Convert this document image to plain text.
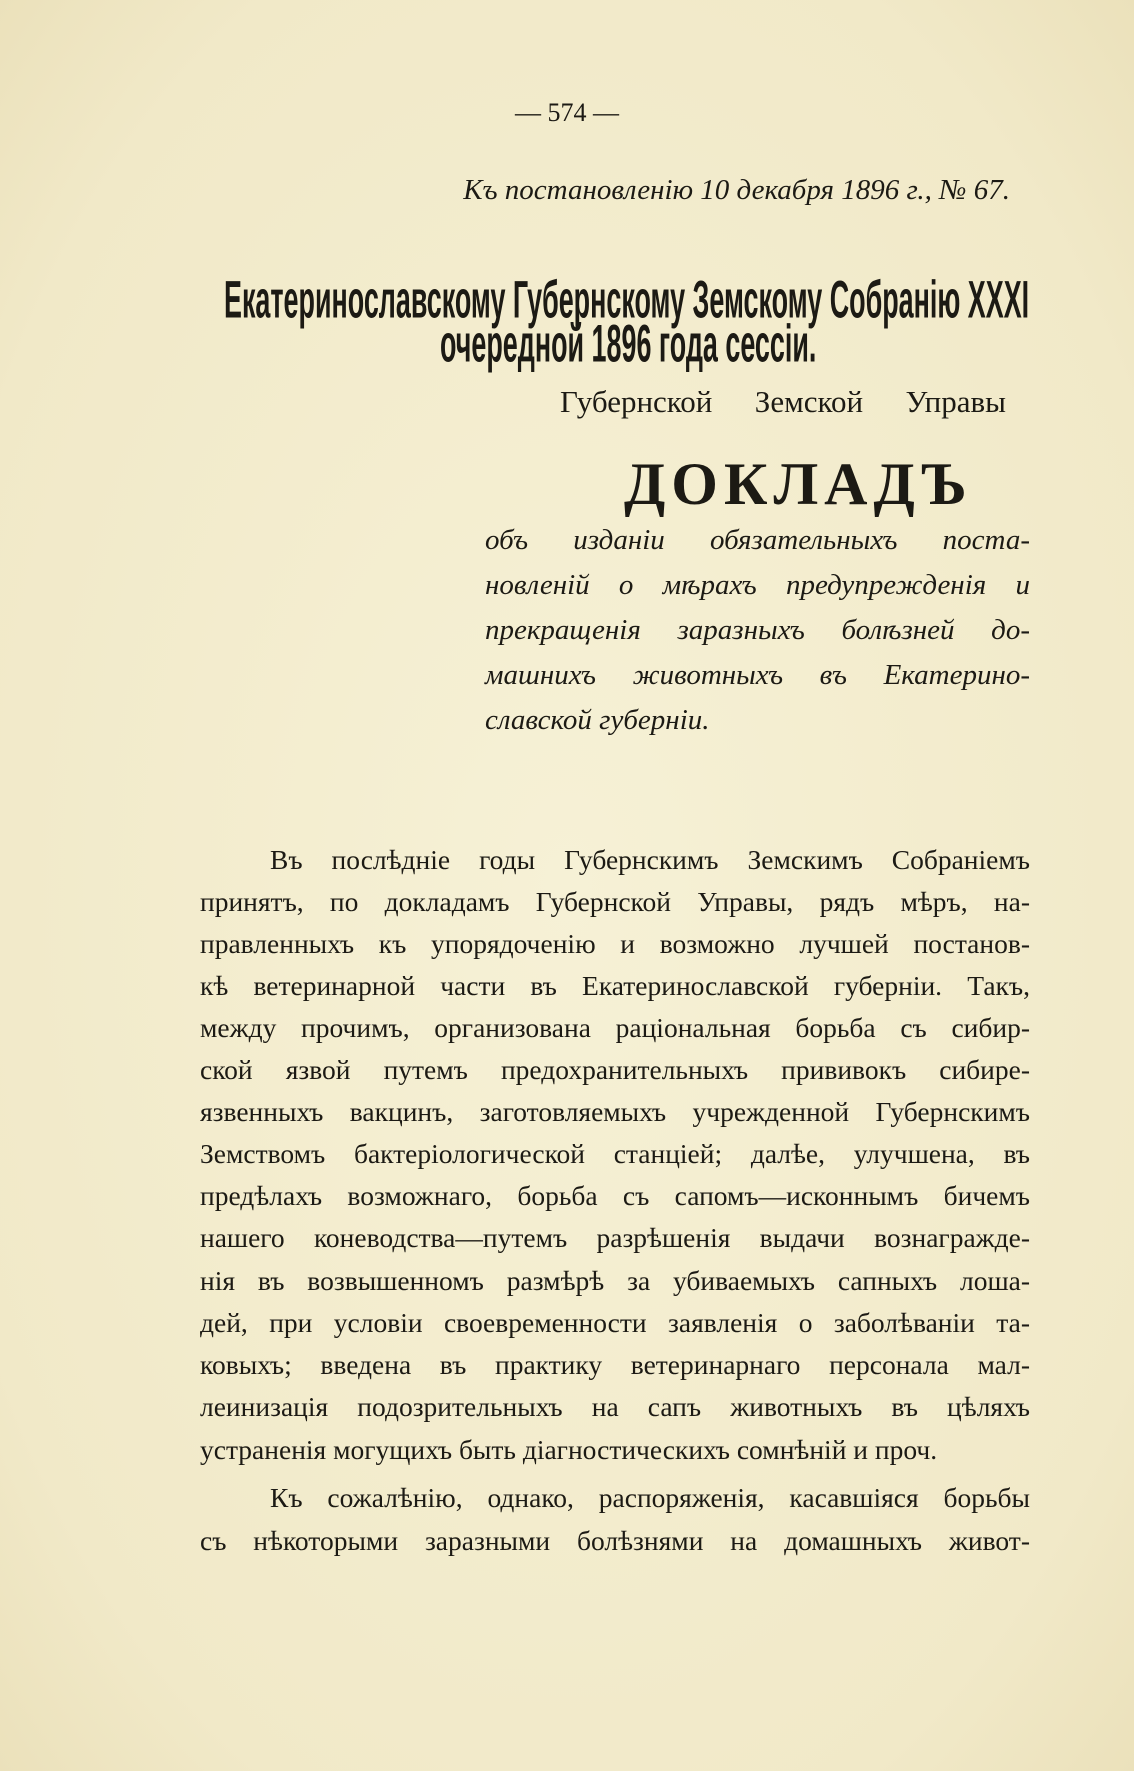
— 574 —
Къ постановленію 10 декабря 1896 г., № 67.
Екатеринославскому Губернскому Земскому Собранію XXXI
очередной 1896 года сессіи.
Губернской Земской Управы
ДОКЛАДЪ
объ изданіи обязательныхъ поста-
новленій о мѣрахъ предупрежденія и
прекращенія заразныхъ болѣзней до-
машнихъ животныхъ въ Екатерино-
славской губерніи.
Въ послѣдніе годы Губернскимъ Земскимъ Собраніемъ
принятъ, по докладамъ Губернской Управы, рядъ мѣръ, на-
правленныхъ къ упорядоченію и возможно лучшей постанов-
кѣ ветеринарной части въ Екатеринославской губерніи. Такъ,
между прочимъ, организована раціональная борьба съ сибир-
ской язвой путемъ предохранительныхъ прививокъ сибире-
язвенныхъ вакцинъ, заготовляемыхъ учрежденной Губернскимъ
Земствомъ бактеріологической станціей; далѣе, улучшена, въ
предѣлахъ возможнаго, борьба съ сапомъ—исконнымъ бичемъ
нашего коневодства—путемъ разрѣшенія выдачи вознагражде-
нія въ возвышенномъ размѣрѣ за убиваемыхъ сапныхъ лоша-
дей, при условіи своевременности заявленія о заболѣваніи та-
ковыхъ; введена въ практику ветеринарнаго персонала мал-
леинизація подозрительныхъ на сапъ животныхъ въ цѣляхъ
устраненія могущихъ быть діагностическихъ сомнѣній и проч.
Къ сожалѣнію, однако, распоряженія, касавшіяся борьбы
съ нѣкоторыми заразными болѣзнями на домашныхъ живот-
